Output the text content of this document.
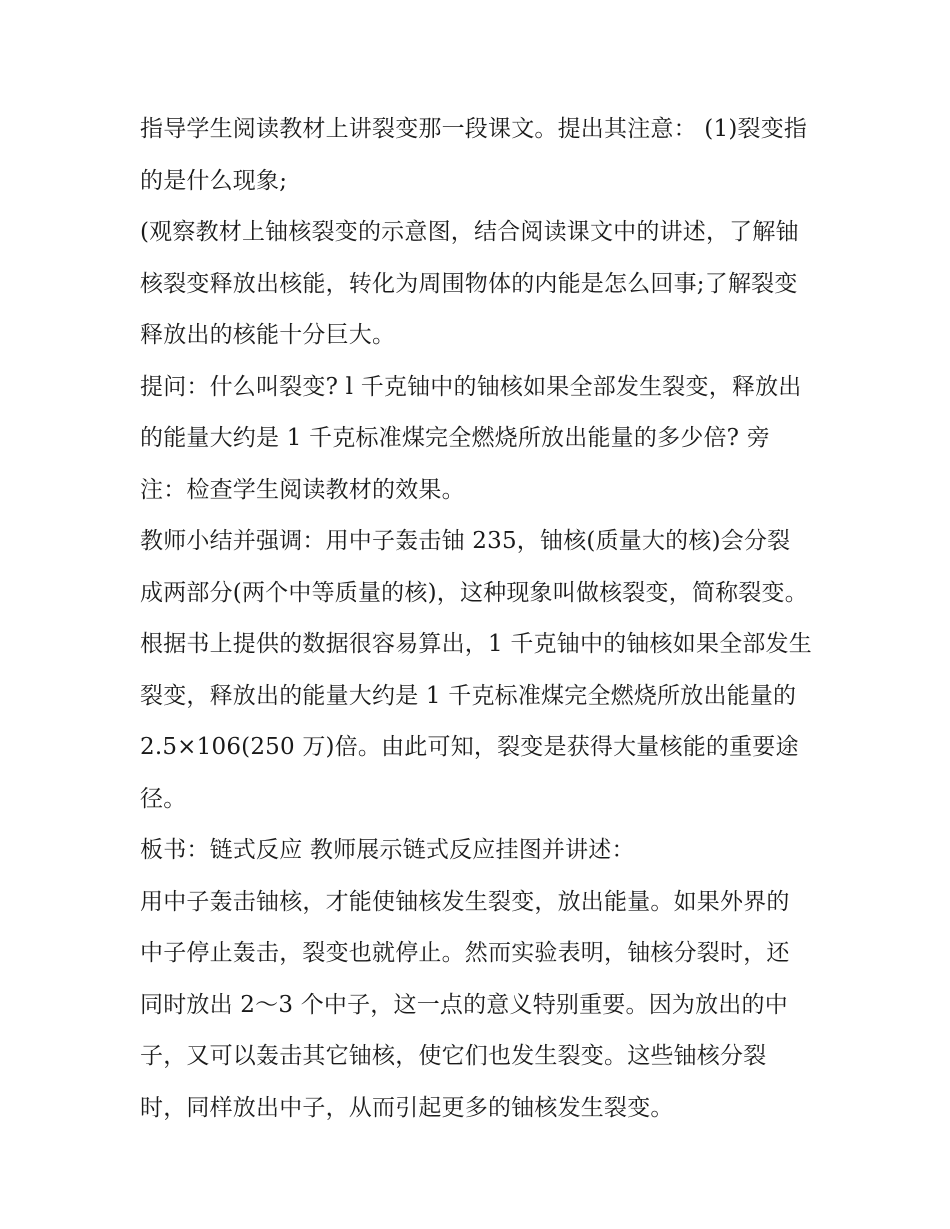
指导学生阅读教材上讲裂变那一段课文。提出其注意： (1)裂变指的是什么现象;

(观察教材上铀核裂变的示意图，结合阅读课文中的讲述，了解铀核裂变释放出核能，转化为周围物体的内能是怎么回事;了解裂变释放出的核能十分巨大。

提问：什么叫裂变? l 千克铀中的铀核如果全部发生裂变，释放出的能量大约是 1 千克标准煤完全燃烧所放出能量的多少倍? 旁注：检查学生阅读教材的效果。

教师小结并强调：用中子轰击铀 235，铀核(质量大的核)会分裂成两部分(两个中等质量的核)，这种现象叫做核裂变，简称裂变。根据书上提供的数据很容易算出，1 千克铀中的铀核如果全部发生裂变，释放出的能量大约是 1 千克标准煤完全燃烧所放出能量的 2.5×106(250 万)倍。由此可知，裂变是获得大量核能的重要途径。

板书：链式反应 教师展示链式反应挂图并讲述：

用中子轰击铀核，才能使铀核发生裂变，放出能量。如果外界的中子停止轰击，裂变也就停止。然而实验表明，铀核分裂时，还同时放出 2～3 个中子，这一点的意义特别重要。因为放出的中子，又可以轰击其它铀核，使它们也发生裂变。这些铀核分裂时，同样放出中子，从而引起更多的铀核发生裂变。
